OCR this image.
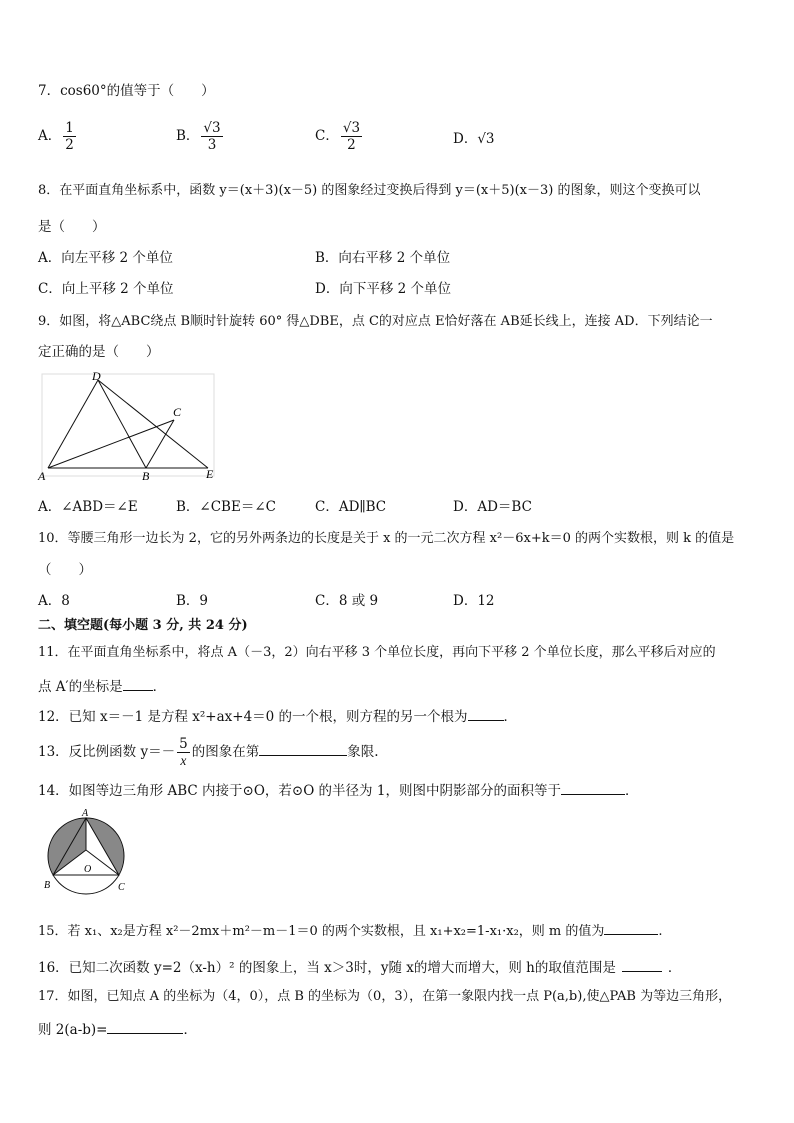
7．cos60°的值等于（　　）
A． $\frac{1}{2}$	B． $\frac{√3}{3}$	C． $\frac{√3}{2}$	D．√3
8．在平面直角坐标系中，函数 y＝(x＋3)(x－5) 的图象经过变换后得到 y＝(x＋5)(x－3) 的图象，则这个变换可以
是（　　）
A．向左平移 2 个单位	B．向右平移 2 个单位
C．向上平移 2 个单位	D．向下平移 2 个单位
9．如图，将△ABC绕点 B顺时针旋转 60° 得△DBE，点 C的对应点 E恰好落在 AB延长线上，连接 AD．下列结论一
定正确的是（　　）
D
C
A	B	E
A．∠ABD＝∠E	B．∠CBE＝∠C	C．AD∥BC	D．AD＝BC
10．等腰三角形一边长为 2，它的另外两条边的长度是关于 x 的一元二次方程 x²－6x+k＝0 的两个实数根，则 k 的值是
（　　）
A．8	B．9	C．8 或 9	D．12
二、填空题(每小题 3 分, 共 24 分)
11．在平面直角坐标系中，将点 A（－3，2）向右平移 3 个单位长度，再向下平移 2 个单位长度，那么平移后对应的
点 A′的坐标是 ．
12．已知 x＝－1 是方程 x²+ax+4＝0 的一个根，则方程的另一个根为	．
13．反比例函数 $y=- \frac{5}{x}$ 的图象在第	象限.
14．如图等边三角形 ABC 内接于⊙O，若⊙O 的半径为 1，则图中阴影部分的面积等于	．
A
B	C
O
15．若 x₁、x₂是方程 x²－2mx＋m²－m－1＝0 的两个实数根，且 x₁+x₂=1-x₁·x₂，则 m 的值为	.
16．已知二次函数 y=2（x-h）² 的图象上，当 x＞3时，y随 x的增大而增大，则 h的取值范围是	．
17．如图，已知点 A 的坐标为（4，0），点 B 的坐标为（0，3），在第一象限内找一点 P(a,b),使△PAB 为等边三角形，
则 2(a-b)=	．
